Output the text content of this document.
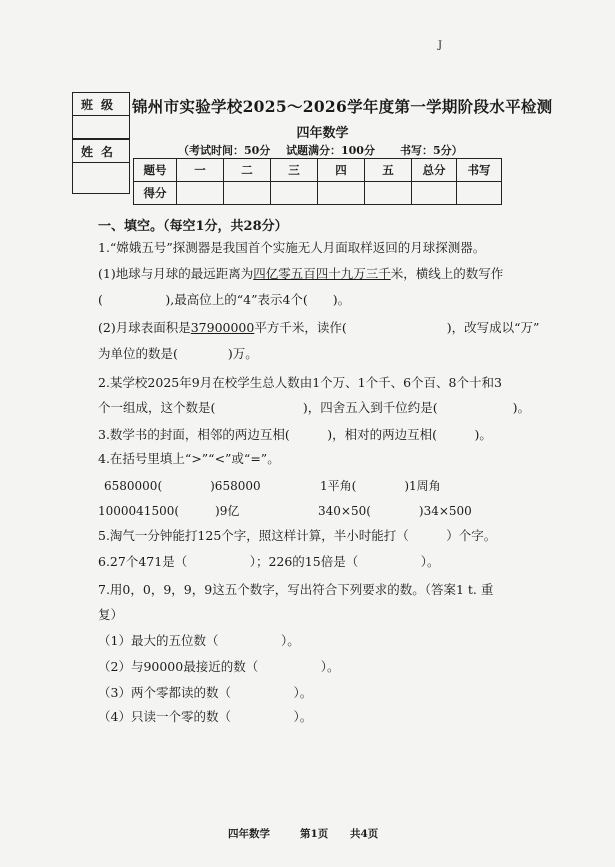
J
班级
姓名
锦州市实验学校2025～2026学年度第一学期阶段水平检测
四年数学
（考试时间：50分 试题满分：100分 书写：5分）
题号	一	二	三	四	五	总分	书写
得分							
一、填空。（每空1分，共28分）
1.“嫦娥五号”探测器是我国首个实施无人月面取样返回的月球探测器。
(1)地球与月球的最远距离为四亿零五百四十九万三千米，横线上的数写作
(　　　　　),最高位上的“4”表示4个(　　)。
(2)月球表面积是37900000平方千米，读作(　　　　　　　　)，改写成以“万”
为单位的数是(　　　　)万。
2.某学校2025年9月在校学生总人数由1个万、1个千、6个百、8个十和3
个一组成，这个数是(　　　　　　　)，四舍五入到千位约是(　　　　　　)。
3.数学书的封面，相邻的两边互相(　　　)，相对的两边互相(　　　)。
4.在括号里填上“>”“<”或“=”。
6580000(　　　　)658000	1平角(　　　　)1周角
1000041500(　　　)9亿	340×50(　　　　)34×500
5.淘气一分钟能打125个字，照这样计算，半小时能打（　　　）个字。
6.27个471是（　　　　　）；226的15倍是（　　　　　）。
7.用0，0，9，9，9这五个数字，写出符合下列要求的数。（答案1 t. 重
复）
（1）最大的五位数（　　　　　）。
（2）与90000最接近的数（　　　　　）。
（3）两个零都读的数（　　　　　）。
（4）只读一个零的数（　　　　　）。
四年数学	第1页 共4页
